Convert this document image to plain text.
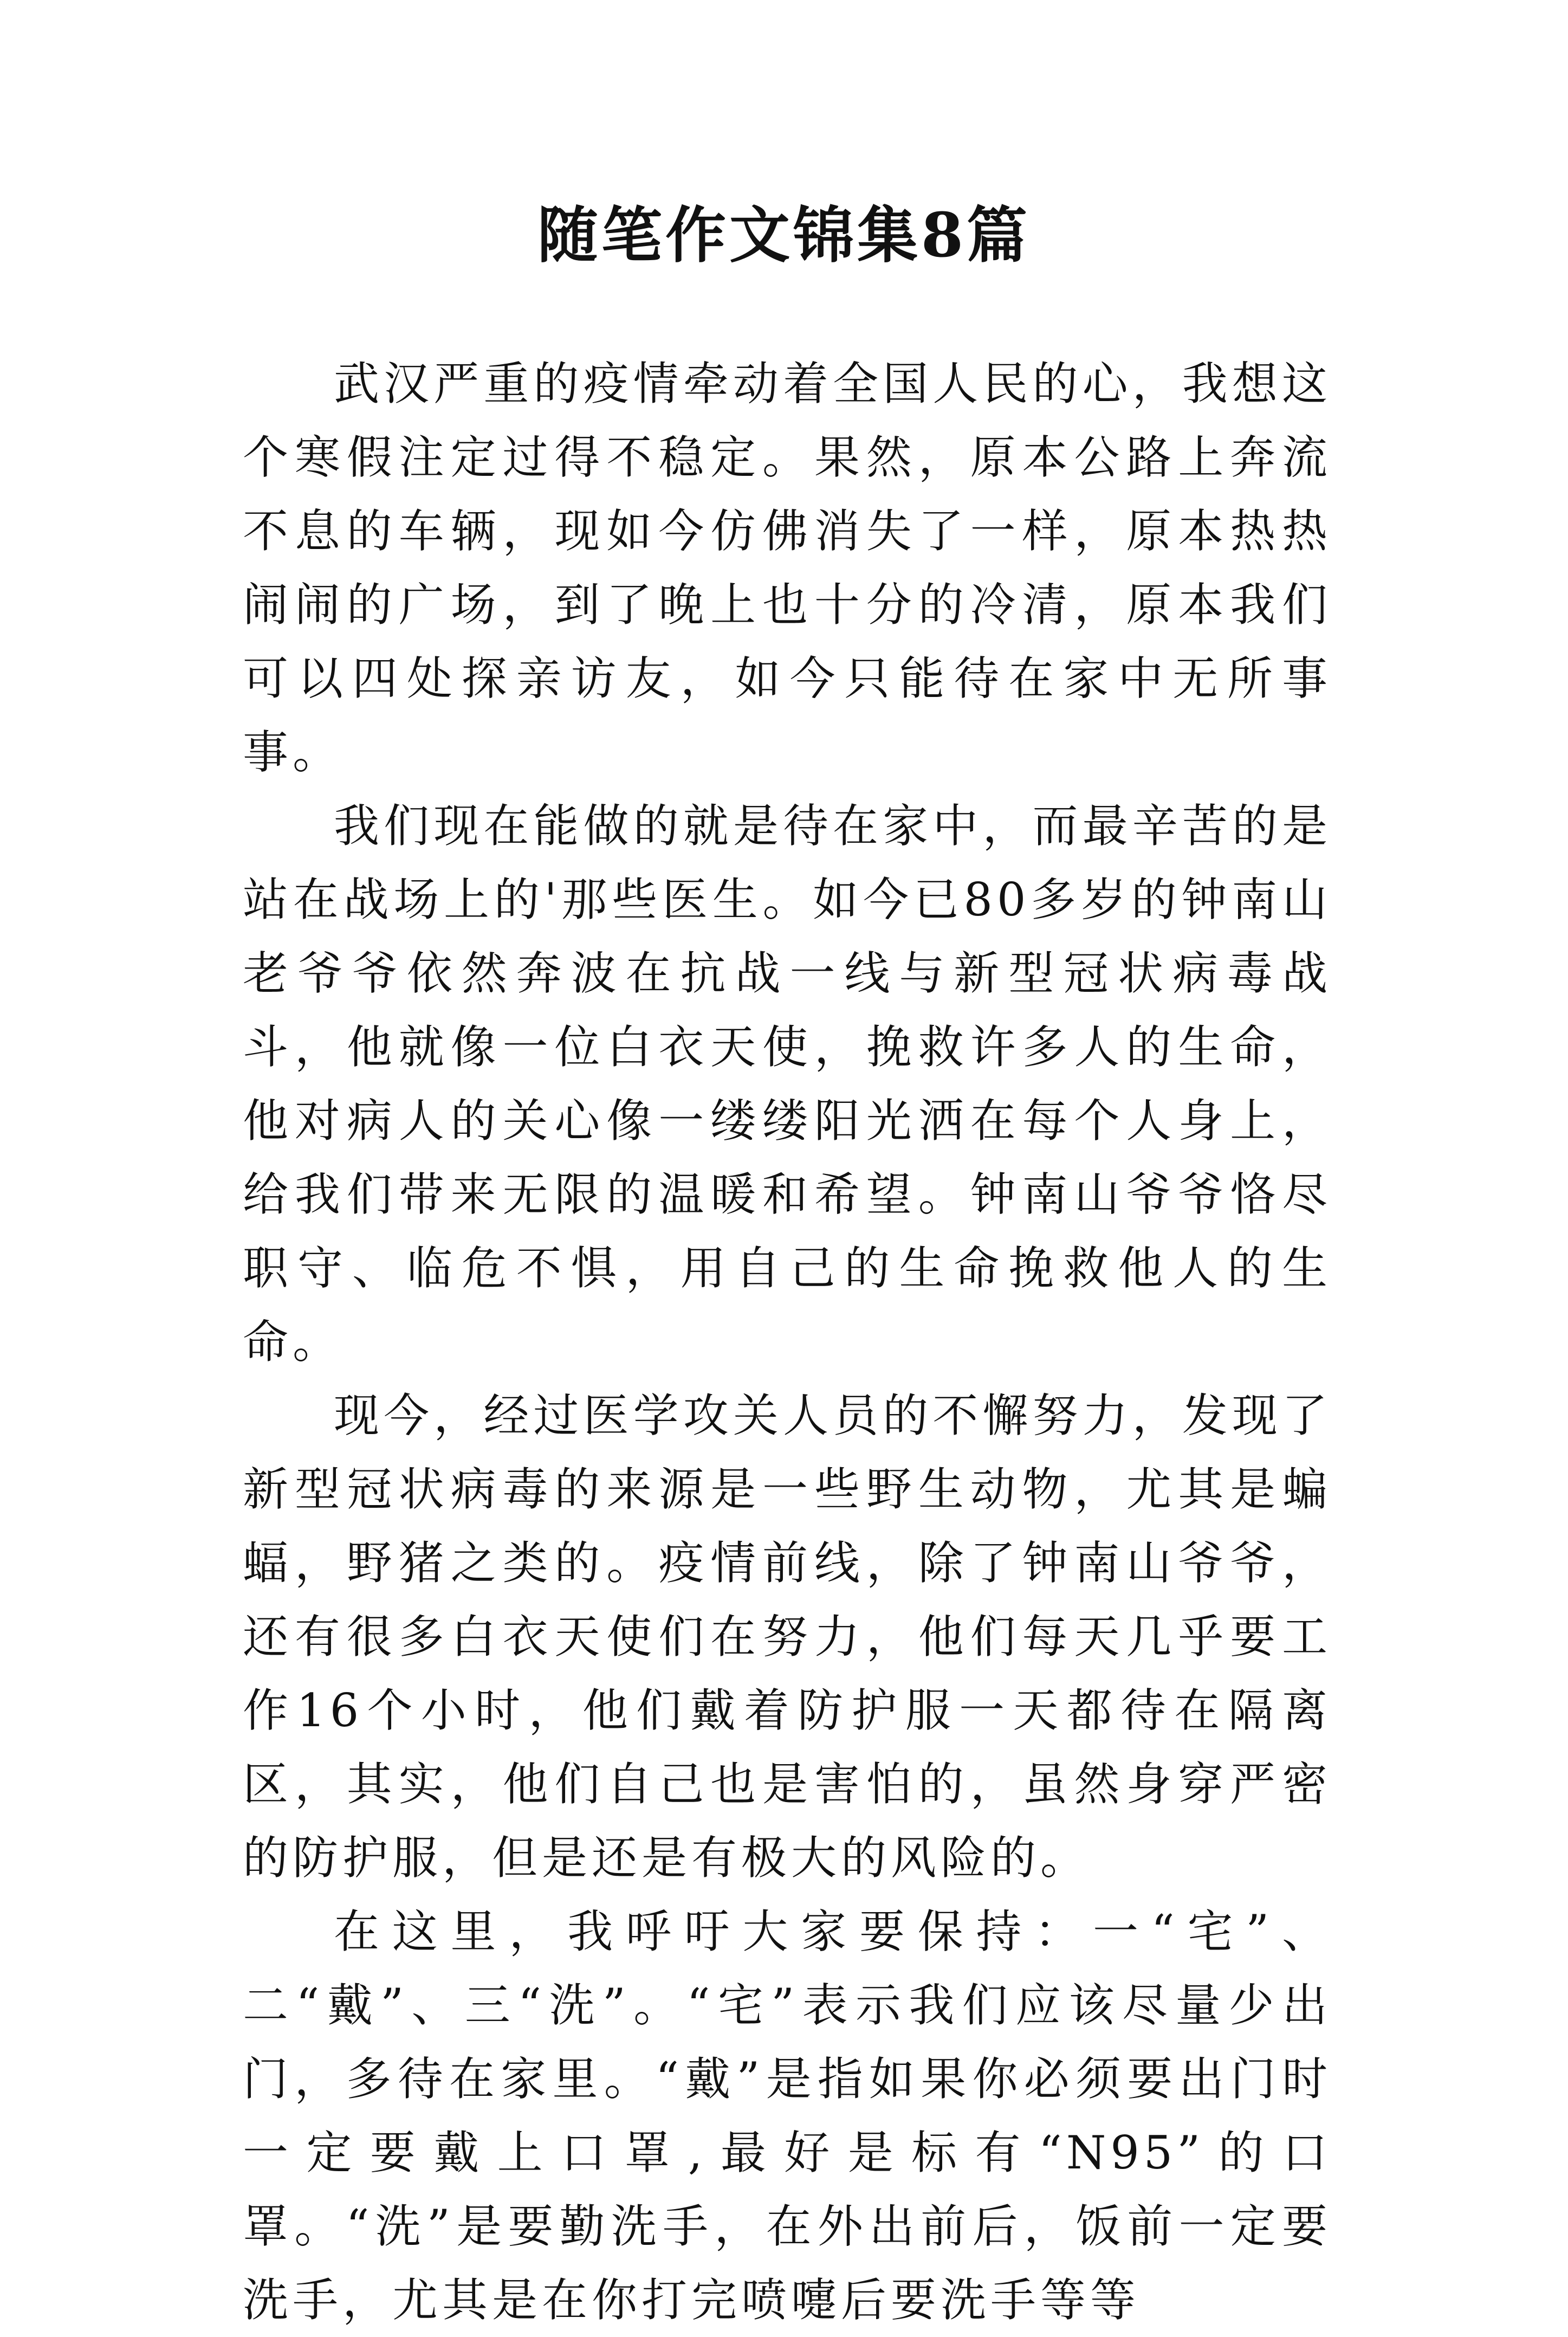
随笔作文锦集8篇

武汉严重的疫情牵动着全国人民的心，我想这个寒假注定过得不稳定。果然，原本公路上奔流不息的车辆，现如今仿佛消失了一样，原本热热闹闹的广场，到了晚上也十分的冷清，原本我们可以四处探亲访友，如今只能待在家中无所事事。

我们现在能做的就是待在家中，而最辛苦的是站在战场上的'那些医生。如今已80多岁的钟南山老爷爷依然奔波在抗战一线与新型冠状病毒战斗，他就像一位白衣天使，挽救许多人的生命，他对病人的关心像一缕缕阳光洒在每个人身上，给我们带来无限的温暖和希望。钟南山爷爷恪尽职守、临危不惧，用自己的生命挽救他人的生命。

现今，经过医学攻关人员的不懈努力，发现了新型冠状病毒的来源是一些野生动物，尤其是蝙蝠，野猪之类的。疫情前线，除了钟南山爷爷，还有很多白衣天使们在努力，他们每天几乎要工作16个小时，他们戴着防护服一天都待在隔离区，其实，他们自己也是害怕的，虽然身穿严密的防护服，但是还是有极大的风险的。

在这里，我呼吁大家要保持：一“宅”、二“戴”、三“洗”。“宅”表示我们应该尽量少出门，多待在家里。“戴”是指如果你必须要出门时一定要戴上口罩,最好是标有“N95”的口罩。“洗”是要勤洗手，在外出前后，饭前一定要洗手，尤其是在你打完喷嚏后要洗手等等
